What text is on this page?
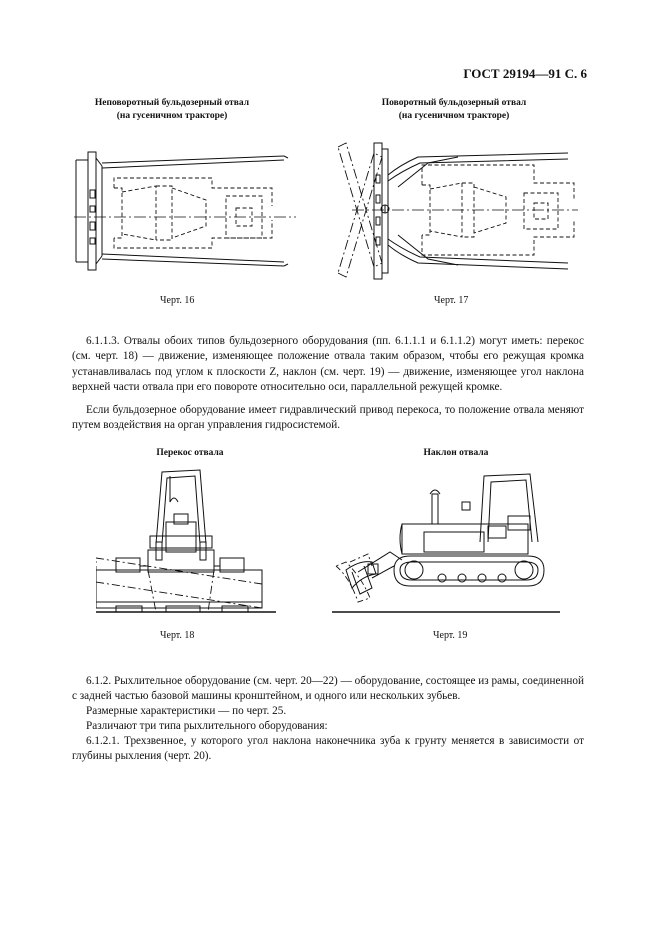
ГОСТ 29194—91 С. 6
Неповоротный бульдозерный отвал
(на гусеничном тракторе)
Черт. 16
Поворотный бульдозерный отвал
(на гусеничном тракторе)
Черт. 17

6.1.1.3. Отвалы обоих типов бульдозерного оборудования (пп. 6.1.1.1 и 6.1.1.2) могут иметь: перекос (см. черт. 18) — движение, изменяющее положение отвала таким образом, чтобы его режущая кромка устанавливалась под углом к плоскости Z, наклон (см. черт. 19) — движение, изменяющее угол наклона верхней части отвала при его повороте относительно оси, параллельной режущей кромке.

Если бульдозерное оборудование имеет гидравлический привод перекоса, то положение отвала меняют путем воздействия на орган управления гидросистемой.

Перекос отвала
Черт. 18
Наклон отвала
Черт. 19

6.1.2. Рыхлительное оборудование (см. черт. 20—22) — оборудование, состоящее из рамы, соединенной с задней частью базовой машины кронштейном, и одного или нескольких зубьев.

Размерные характеристики — по черт. 25.

Различают три типа рыхлительного оборудования:

6.1.2.1. Трехзвенное, у которого угол наклона наконечника зуба к грунту меняется в зависимости от глубины рыхления (черт. 20).
